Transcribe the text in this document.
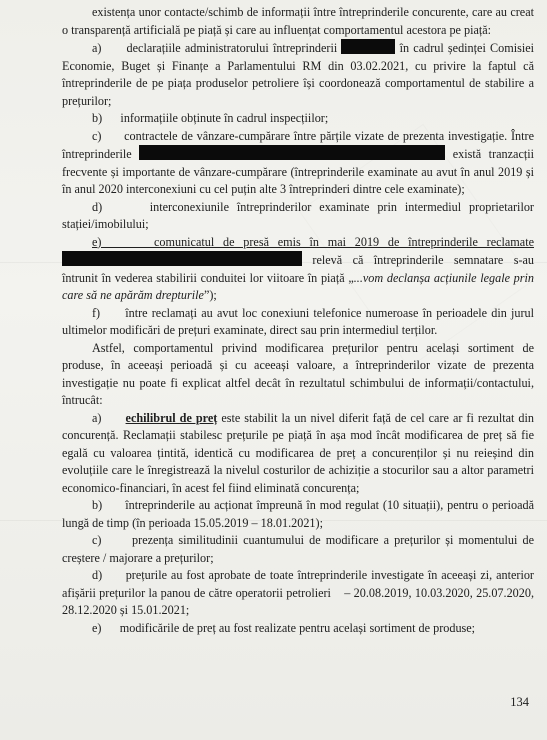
existența unor contacte/schimb de informații între întreprinderile concurente, care au creat o transparență artificială pe piață și care au influențat comportamentul acestora pe piață:

a)      declarațiile administratorului întreprinderii	în cadrul ședinței Comisiei Economie, Buget și Finanțe a Parlamentului RM din 03.02.2021, cu privire la faptul că întreprinderile de pe piața produselor petroliere își coordonează comportamentul de stabilire a prețurilor;

b)      informațiile obținute în cadrul inspecțiilor;

c)      contractele de vânzare-cumpărare între părțile vizate de prezenta investigație. Între întreprinderile	există tranzacții frecvente și importante de vânzare-cumpărare (întreprinderile examinate au avut în anul 2019 și în anul 2020 interconexiuni cu cel puțin alte 3 întreprinderi dintre cele examinate);

d)      interconexiunile întreprinderilor examinate prin intermediul proprietarilor stației/imobilului;

e)      comunicatul de presă emis în mai 2019 de întreprinderile reclamate  relevă că întreprinderile semnatare s-au întrunit în vederea stabilirii conduitei lor viitoare în piață „...vom declanșa acțiunile legale prin care să ne apărăm drepturile”);

f)      între reclamați au avut loc conexiuni telefonice numeroase în perioadele din jurul ultimelor modificări de prețuri examinate, direct sau prin intermediul terților.

Astfel, comportamentul privind modificarea prețurilor pentru același sortiment de produse, în aceeași perioadă și cu aceeași valoare, a întreprinderilor vizate de prezenta investigație nu poate fi explicat altfel decât în rezultatul schimbului de informații/contactului, întrucât:

a)      echilibrul de preț este stabilit la un nivel diferit față de cel care ar fi rezultat din concurență. Reclamații stabilesc prețurile pe piață în așa mod încât modificarea de preț să fie egală cu valoarea țintită, identică cu modificarea de preț a concurenților și nu reieșind din evoluțiile care le înregistrează la nivelul costurilor de achiziție a stocurilor sau a altor parametri economico-financiari, în acest fel fiind eliminată concurența;

b)      întreprinderile au acționat împreună în mod regulat (10 situații), pentru o perioadă lungă de timp (în perioada 15.05.2019 – 18.01.2021);

c)      prezența similitudinii cuantumului de modificare a prețurilor și momentului de creștere / majorare a prețurilor;

d)      prețurile au fost aprobate de toate întreprinderile investigate în aceeași zi, anterior afișării prețurilor la panou de către operatorii petrolieri    – 20.08.2019, 10.03.2020, 25.07.2020, 28.12.2020 și 15.01.2021;

e)      modificările de preț au fost realizate pentru același sortiment de produse;

134
